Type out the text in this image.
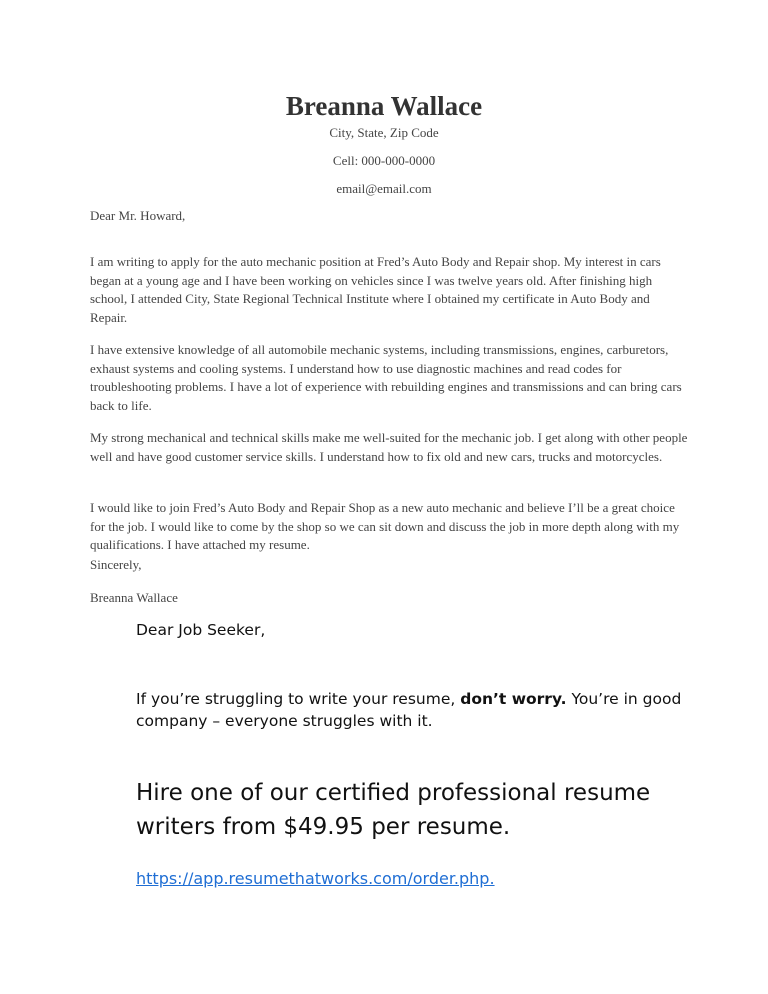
Breanna Wallace
City, State, Zip Code
Cell: 000-000-0000
email@email.com
Dear Mr. Howard,

I am writing to apply for the auto mechanic position at Fred’s Auto Body and Repair shop. My interest in cars began at a young age and I have been working on vehicles since I was twelve years old. After finishing high school, I attended City, State Regional Technical Institute where I obtained my certificate in Auto Body and Repair.

I have extensive knowledge of all automobile mechanic systems, including transmissions, engines, carburetors, exhaust systems and cooling systems. I understand how to use diagnostic machines and read codes for troubleshooting problems. I have a lot of experience with rebuilding engines and transmissions and can bring cars back to life.

My strong mechanical and technical skills make me well-suited for the mechanic job. I get along with other people well and have good customer service skills. I understand how to fix old and new cars, trucks and motorcycles.

I would like to join Fred’s Auto Body and Repair Shop as a new auto mechanic and believe I’ll be a great choice for the job. I would like to come by the shop so we can sit down and discuss the job in more depth along with my qualifications. I have attached my resume.

Sincerely,
Breanna Wallace
Dear Job Seeker,
If you’re struggling to write your resume, don’t worry. You’re in good company – everyone struggles with it.
Hire one of our certified professional resume writers from $49.95 per resume.
https://app.resumethatworks.com/order.php.
